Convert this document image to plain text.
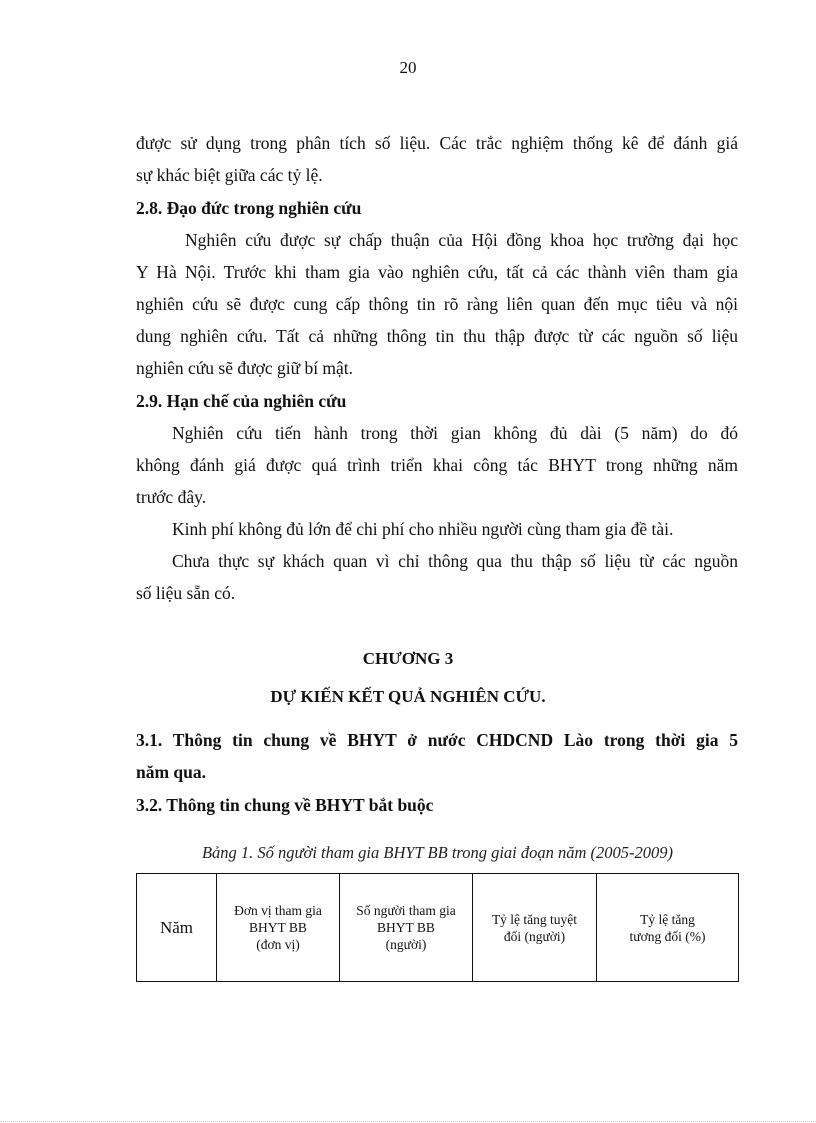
20
được sử dụng trong phân tích số liệu. Các trắc nghiệm thống kê để đánh giá
sự khác biệt giữa các tỷ lệ.
2.8. Đạo đức trong nghiên cứu
Nghiên cứu được sự chấp thuận của Hội đồng khoa học trường đại học
Y Hà Nội. Trước khi tham gia vào nghiên cứu, tất cả các thành viên tham gia
nghiên cứu sẽ được cung cấp thông tin rõ ràng liên quan đến mục tiêu và nội
dung nghiên cứu. Tất cả những thông tin thu thập được từ các nguồn số liệu
nghiên cứu sẽ được giữ bí mật.
2.9. Hạn chế của nghiên cứu
Nghiên cứu tiến hành trong thời gian không đủ dài (5 năm) do đó
không đánh giá được quá trình triển khai công tác BHYT trong những năm
trước đây.
Kinh phí không đủ lớn để chi phí cho nhiều người cùng tham gia đề tài.
Chưa thực sự khách quan vì chỉ thông qua thu thập số liệu từ các nguồn
số liệu sẵn có.
CHƯƠNG 3
DỰ KIẾN KẾT QUẢ NGHIÊN CỨU.
3.1. Thông tin chung về BHYT ở nước CHDCND Lào trong thời gia 5
năm qua.
3.2. Thông tin chung về BHYT bắt buộc
Bảng 1. Số người tham gia BHYT BB trong giai đoạn năm (2005-2009)
Năm

Đơn vị tham gia
BHYT BB
(đơn vị)

Số người tham gia
BHYT BB
(người)

Tỷ lệ tăng tuyệt
đối (người)

Tỷ lệ tăng
tương đối (%)
